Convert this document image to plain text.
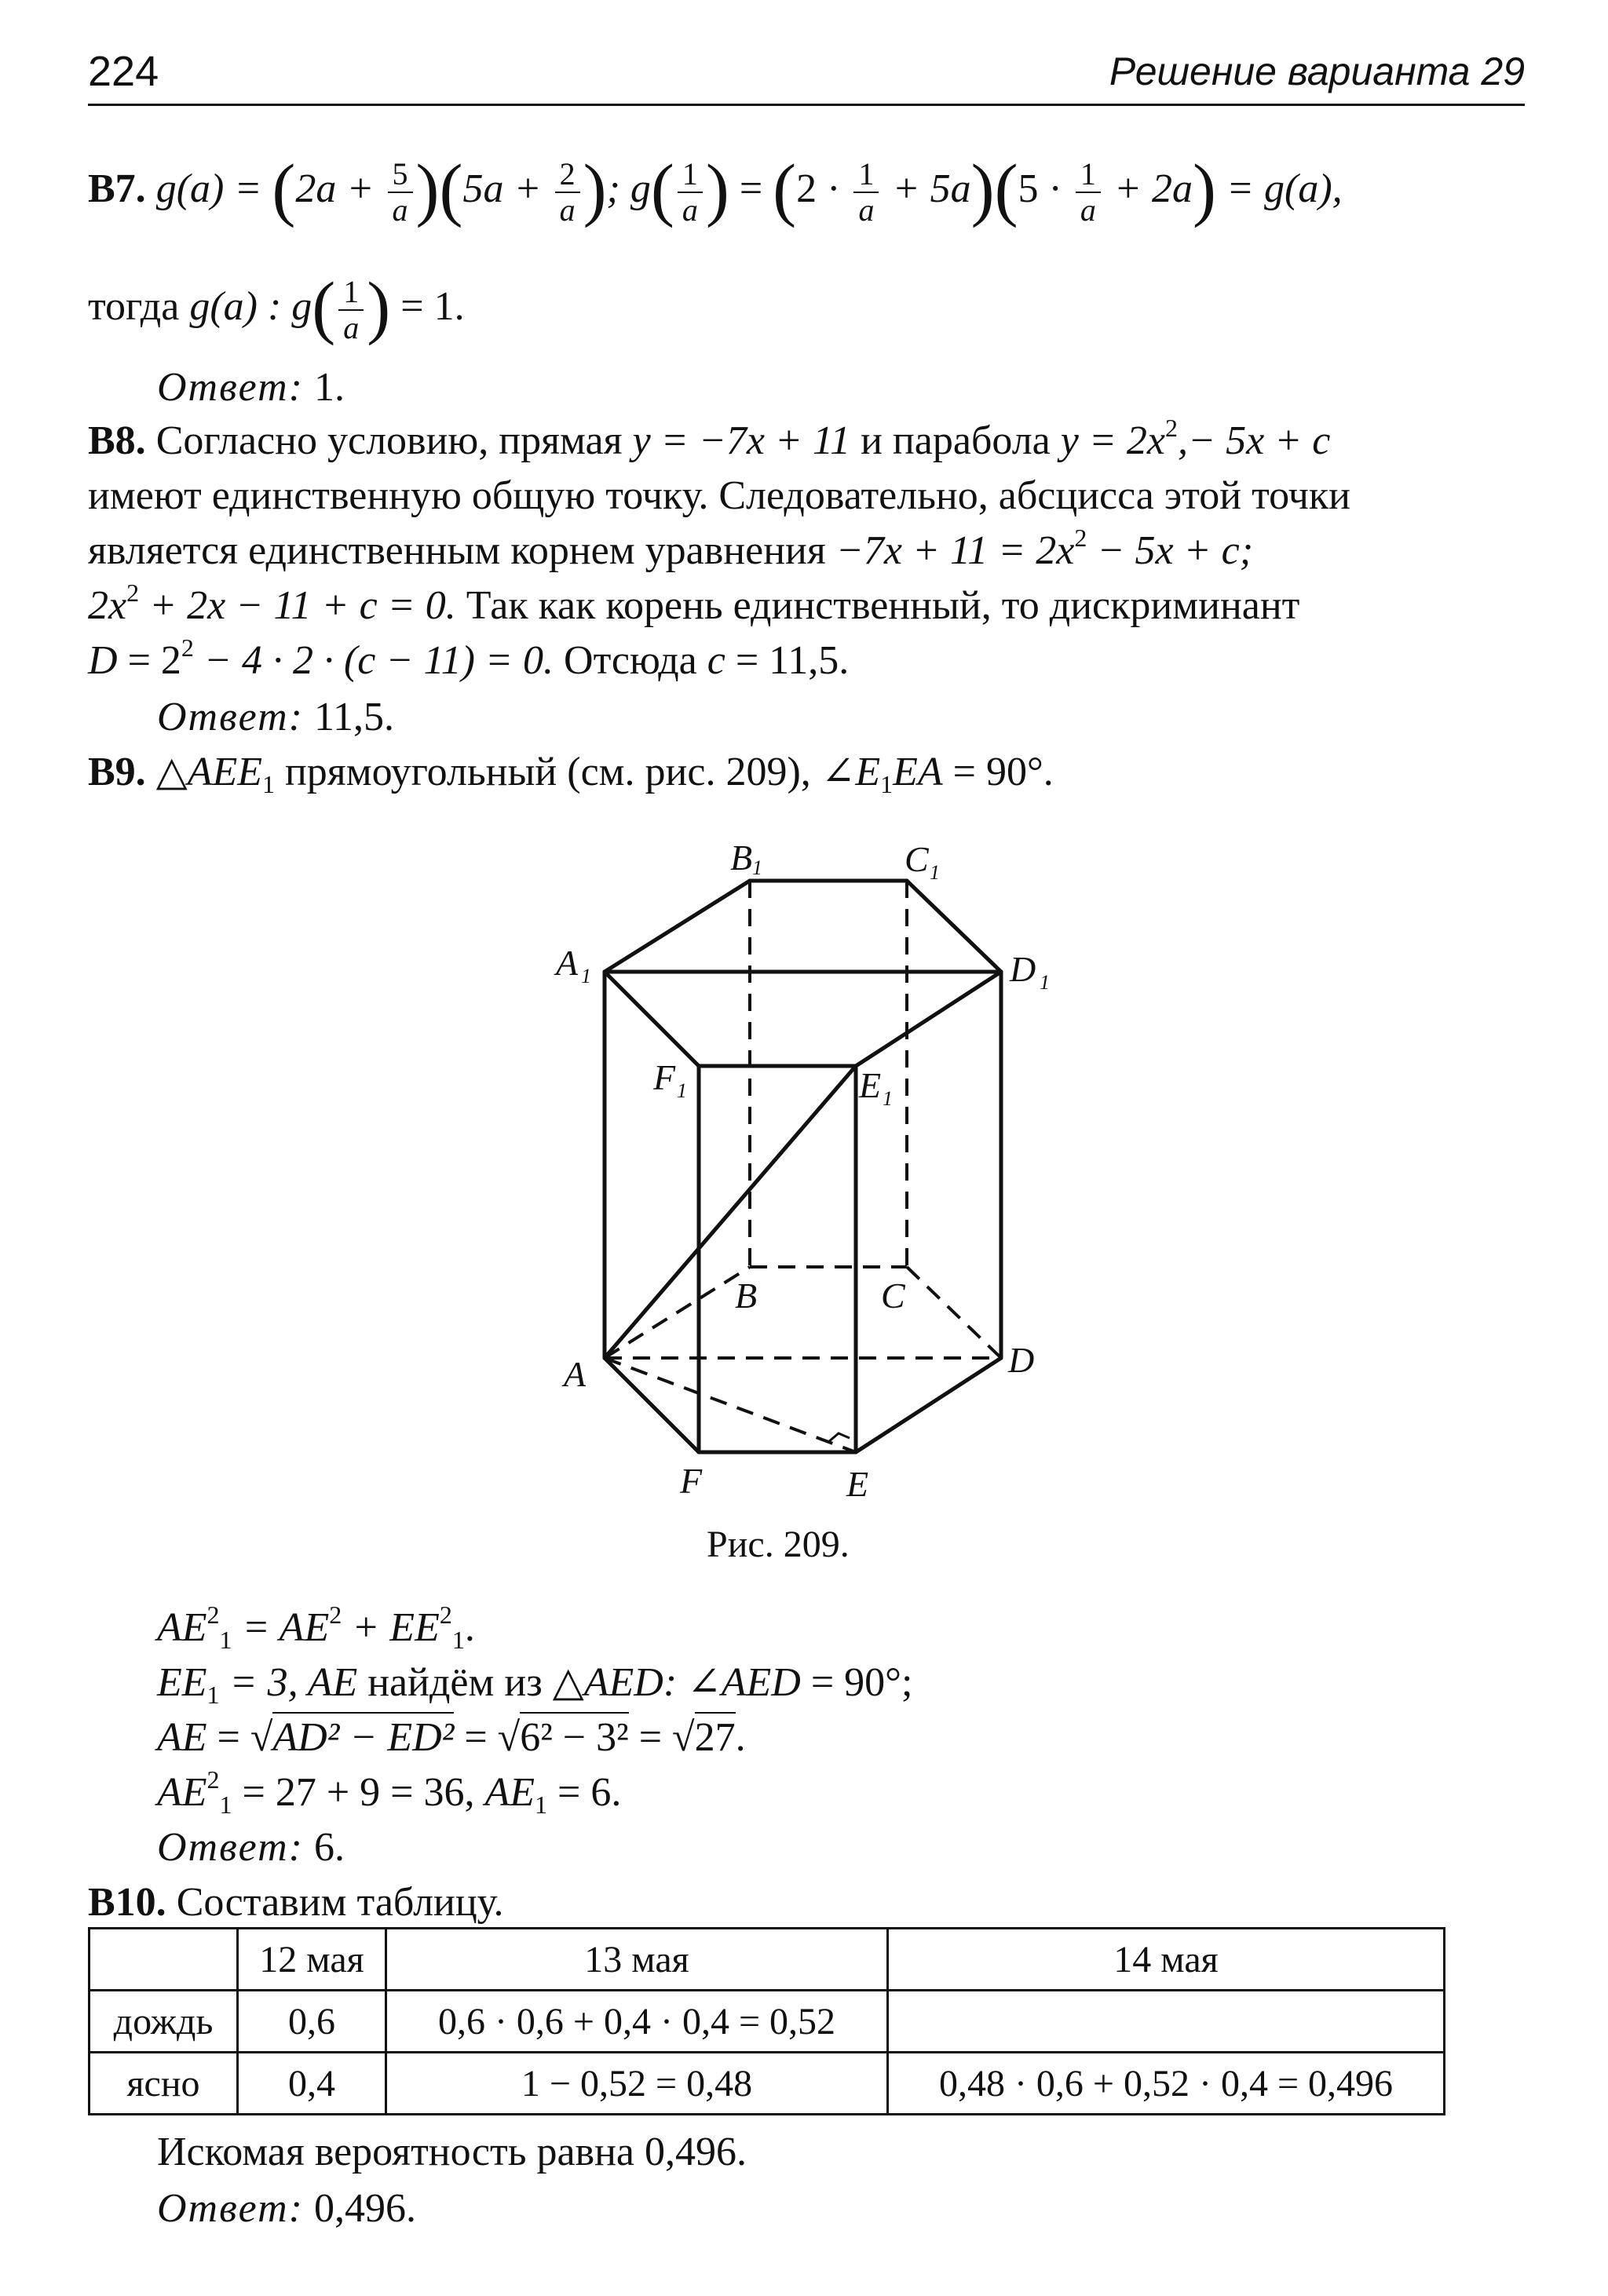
224	Решение варианта 29
B7. $g(a) = (2a + \frac{5}{a} )(5a + \frac{2}{a}$ ); $g( \frac{1}{a}$ ) = $(2 \cdot \frac{1}{a} + 5a)(5 \cdot \frac{1}{a} + 2a) = g(a)$,
тогда g(a) : $g( \frac{1}{a}$ ) = 1.
Ответ: 1.
B8. Согласно условию, прямая y = −7x + 11 и парабола $y = 2x^2,- 5x + c$
имеют единственную общую точку. Следовательно, абсцисса этой точки
является единственным корнем уравнения $-7x + 11 = 2x^2 - 5x + c$;
$2x^2 + 2x - 11 + c = 0$. Так как корень единственный, то дискриминант
$D = 2^2 - 4 \cdot 2 \cdot (c - 11) = 0$. Отсюда c = 11,5.
Ответ: 11,5.
B9. $\triangle AEE_1$ прямоугольный (см. рис. 209), $\angle E_1EA = 90^\circ$.
B 1	C 1
A 1	D 1
F 1	E 1
B	C
A	D
F	E
Рис. 209.
$AE^2_1 = AE^2 + EE^2_1$.
$EE_1 = 3$, AE найдём из △AED: ∠AED = 90°;
AE = √AD² − ED² = √6² − 3² = √27.
$AE^2_1 = 27 + 9 = 36$, $AE_1 = 6$.
Ответ: 6.
B10. Составим таблицу.
	12 мая	13 мая	14 мая
дождь	0,6	0,6 · 0,6 + 0,4 · 0,4 = 0,52	
ясно	0,4	1 − 0,52 = 0,48	0,48 · 0,6 + 0,52 · 0,4 = 0,496
Искомая вероятность равна 0,496.
Ответ: 0,496.
